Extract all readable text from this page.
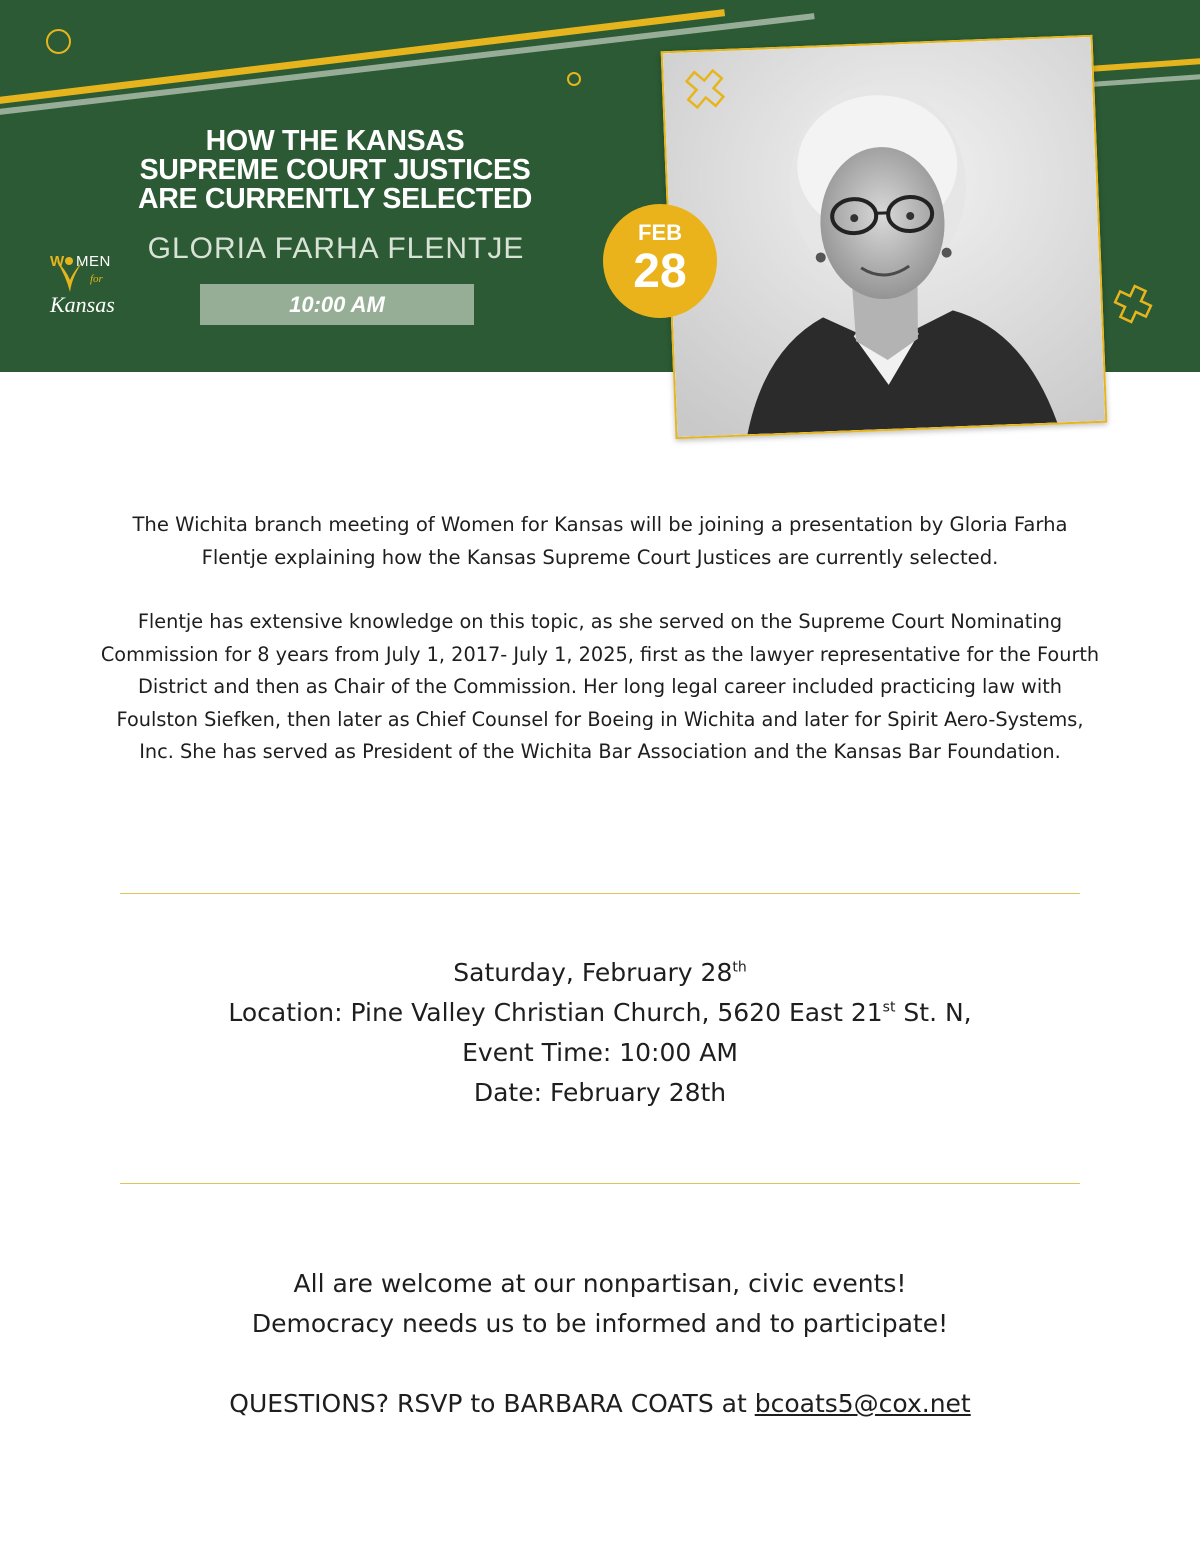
HOW THE KANSAS
SUPREME COURT JUSTICES
ARE CURRENTLY SELECTED
GLORIA FARHA FLENTJE
10:00 AM
W MEN
for
Kansas
FEB
28
The Wichita branch meeting of Women for Kansas will be joining a presentation by Gloria Farha Flentje explaining how the Kansas Supreme Court Justices are currently selected.
Flentje has extensive knowledge on this topic, as she served on the Supreme Court Nominating Commission for 8 years from July 1, 2017- July 1, 2025, first as the lawyer representative for the Fourth District and then as Chair of the Commission. Her long legal career included practicing law with Foulston Siefken, then later as Chief Counsel for Boeing in Wichita and later for Spirit Aero-Systems, Inc. She has served as President of the Wichita Bar Association and the Kansas Bar Foundation.
Saturday, February 28th
Location: Pine Valley Christian Church, 5620 East 21st St. N,
Event Time: 10:00 AM
Date: February 28th
All are welcome at our nonpartisan, civic events!
Democracy needs us to be informed and to participate!
QUESTIONS? RSVP to BARBARA COATS at bcoats5@cox.net
